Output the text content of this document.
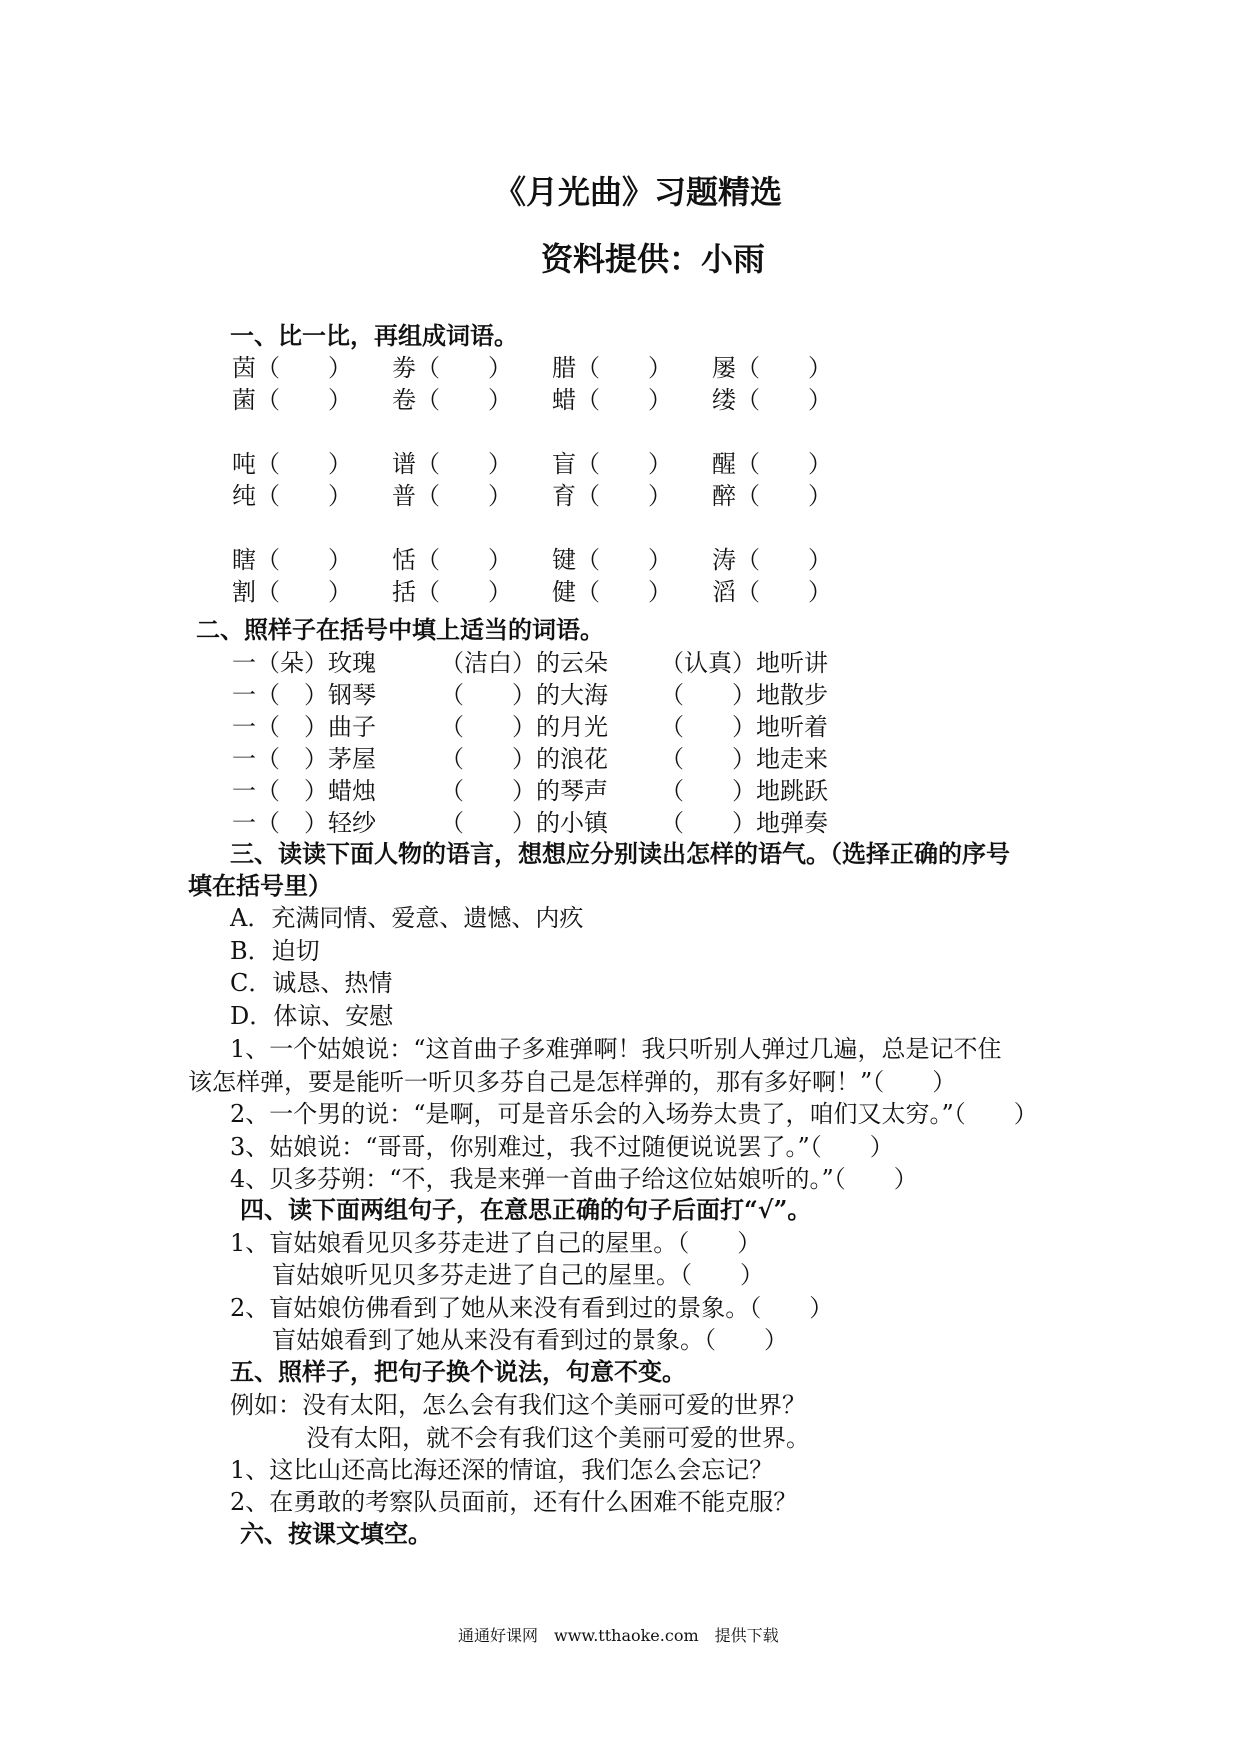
《月光曲》习题精选
资料提供：小雨
一、比一比，再组成词语。
茵（　　） 劵（　　） 腊（　　） 屡（　　）
菌（　　） 卷（　　） 蜡（　　） 缕（　　）
吨（　　） 谱（　　） 盲（　　） 醒（　　）
纯（　　） 普（　　） 育（　　） 醉（　　）
瞎（　　） 恬（　　） 键（　　） 涛（　　）
割（　　） 括（　　） 健（　　） 滔（　　）
二、照样子在括号中填上适当的词语。
一（朵）玫瑰	（洁白）的云朵 （认真）地听讲
一（　）钢琴	（　　）的大海 （　　）地散步
一（　）曲子	（　　）的月光 （　　）地听着
一（　）茅屋	（　　）的浪花 （　　）地走来
一（　）蜡烛	（　　）的琴声 （　　）地跳跃
一（　）轻纱	（　　）的小镇 （　　）地弹奏
三、读读下面人物的语言，想想应分别读出怎样的语气。（选择正确的序号
填在括号里）
A．充满同情、爱意、遗憾、内疚
B．迫切
C．诚恳、热情
D．体谅、安慰
1、一个姑娘说：“这首曲子多难弹啊！我只听别人弹过几遍，总是记不住
该怎样弹，要是能听一听贝多芬自己是怎样弹的，那有多好啊！”（　　）
2、一个男的说：“是啊，可是音乐会的入场券太贵了，咱们又太穷。”（　　）
3、姑娘说：“哥哥，你别难过，我不过随便说说罢了。”（　　）
4、贝多芬朔：“不，我是来弹一首曲子给这位姑娘听的。”（　　）
四、读下面两组句子，在意思正确的句子后面打“√”。
1、盲姑娘看见贝多芬走进了自己的屋里。（　　）
盲姑娘听见贝多芬走进了自己的屋里。（　　）
2、盲姑娘仿佛看到了她从来没有看到过的景象。（　　）
盲姑娘看到了她从来没有看到过的景象。（　　）
五、照样子，把句子换个说法，句意不变。
例如：没有太阳，怎么会有我们这个美丽可爱的世界？
没有太阳，就不会有我们这个美丽可爱的世界。
1、这比山还高比海还深的情谊，我们怎么会忘记？
2、在勇敢的考察队员面前，还有什么困难不能克服？
六、按课文填空。
通通好课网　www.tthaoke.com　提供下载
